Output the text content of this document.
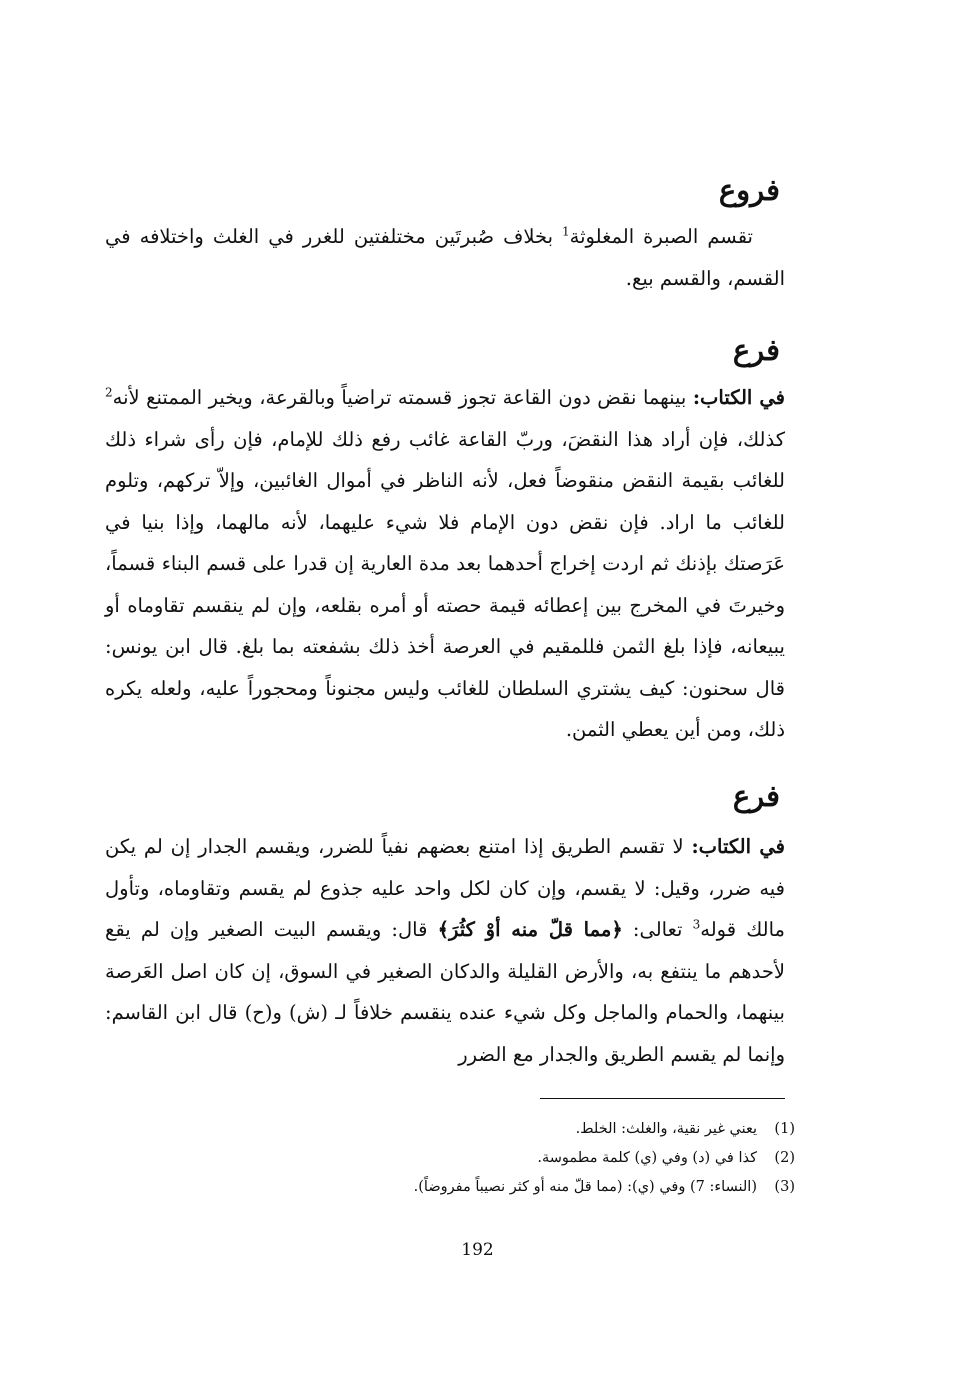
فروع

تقسم الصبرة المغلوثة$^1$ بخلاف صُبرتَين مختلفتين للغرر في الغلث واختلافه في القسم، والقسم بيع.

فرع

في الكتاب: بينهما نقض دون القاعة تجوز قسمته تراضياً وبالقرعة، ويخير الممتنع لأنه$^2$ كذلك، فإن أراد هذا النقضَ، وربّ القاعة غائب رفع ذلك للإمام، فإن رأى شراء ذلك للغائب بقيمة النقض منقوضاً فعل، لأنه الناظر في أموال الغائبين، وإلاّ تركهم، وتلوم للغائب ما اراد. فإن نقض دون الإمام فلا شيء عليهما، لأنه مالهما، وإذا بنيا في عَرَصتك بإذنك ثم اردت إخراج أحدهما بعد مدة العارية إن قدرا على قسم البناء قسماً، وخيرتَ في المخرج بين إعطائه قيمة حصته أو أمره بقلعه، وإن لم ينقسم تقاوماه أو يبيعانه، فإذا بلغ الثمن فللمقيم في العرصة أخذ ذلك بشفعته بما بلغ. قال ابن يونس: قال سحنون: كيف يشتري السلطان للغائب وليس مجنوناً ومحجوراً عليه، ولعله يكره ذلك، ومن أين يعطي الثمن.

فرع

في الكتاب: لا تقسم الطريق إذا امتنع بعضهم نفياً للضرر، ويقسم الجدار إن لم يكن فيه ضرر، وقيل: لا يقسم، وإن كان لكل واحد عليه جذوع لم يقسم وتقاوماه، وتأول مالك قوله$^3$ تعالى: ﴿مما قلّ منه أوْ كثُرَ﴾ قال: ويقسم البيت الصغير وإن لم يقع لأحدهم ما ينتفع به، والأرض القليلة والدكان الصغير في السوق، إن كان اصل العَرصة بينهما، والحمام والماجل وكل شيء عنده ينقسم خلافاً لـ (ش) و(ح) قال ابن القاسم: وإنما لم يقسم الطريق والجدار مع الضرر

(1)
يعني غير نقية، والغلث: الخلط.
(2)
كذا في (د) وفي (ي) كلمة مطموسة.
(3)
(النساء: 7) وفي (ي): (مما قلّ منه أو كثر نصيباً مفروضاً).
192
